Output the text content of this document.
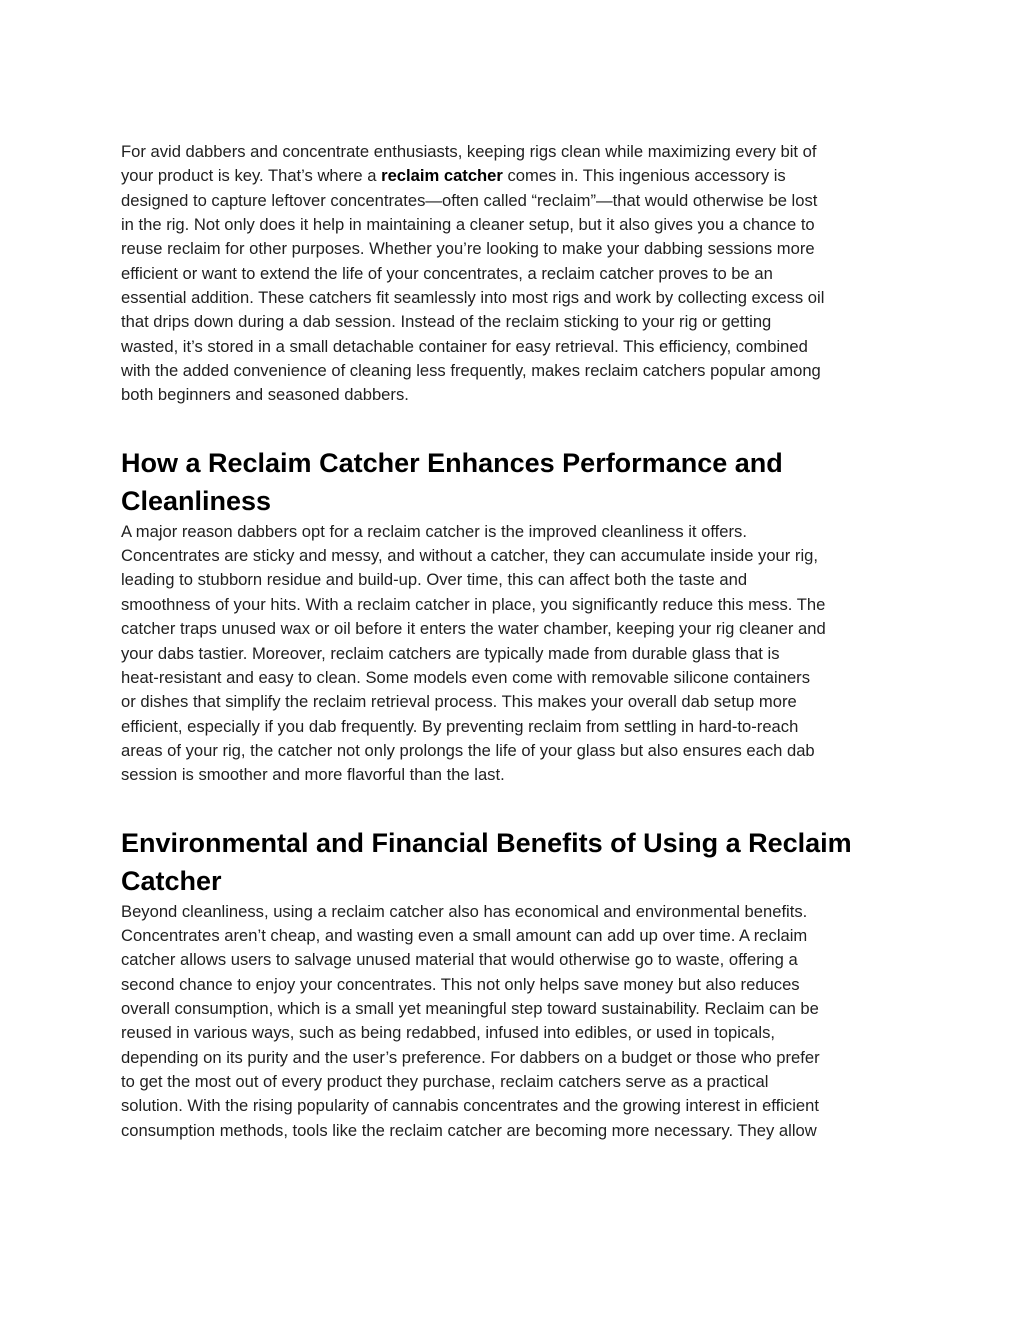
For avid dabbers and concentrate enthusiasts, keeping rigs clean while maximizing every bit of
your product is key. That’s where a reclaim catcher comes in. This ingenious accessory is
designed to capture leftover concentrates—often called “reclaim”—that would otherwise be lost
in the rig. Not only does it help in maintaining a cleaner setup, but it also gives you a chance to
reuse reclaim for other purposes. Whether you’re looking to make your dabbing sessions more
efficient or want to extend the life of your concentrates, a reclaim catcher proves to be an
essential addition. These catchers fit seamlessly into most rigs and work by collecting excess oil
that drips down during a dab session. Instead of the reclaim sticking to your rig or getting
wasted, it’s stored in a small detachable container for easy retrieval. This efficiency, combined
with the added convenience of cleaning less frequently, makes reclaim catchers popular among
both beginners and seasoned dabbers.

How a Reclaim Catcher Enhances Performance and
Cleanliness

A major reason dabbers opt for a reclaim catcher is the improved cleanliness it offers.
Concentrates are sticky and messy, and without a catcher, they can accumulate inside your rig,
leading to stubborn residue and build-up. Over time, this can affect both the taste and
smoothness of your hits. With a reclaim catcher in place, you significantly reduce this mess. The
catcher traps unused wax or oil before it enters the water chamber, keeping your rig cleaner and
your dabs tastier. Moreover, reclaim catchers are typically made from durable glass that is
heat-resistant and easy to clean. Some models even come with removable silicone containers
or dishes that simplify the reclaim retrieval process. This makes your overall dab setup more
efficient, especially if you dab frequently. By preventing reclaim from settling in hard-to-reach
areas of your rig, the catcher not only prolongs the life of your glass but also ensures each dab
session is smoother and more flavorful than the last.

Environmental and Financial Benefits of Using a Reclaim
Catcher

Beyond cleanliness, using a reclaim catcher also has economical and environmental benefits.
Concentrates aren’t cheap, and wasting even a small amount can add up over time. A reclaim
catcher allows users to salvage unused material that would otherwise go to waste, offering a
second chance to enjoy your concentrates. This not only helps save money but also reduces
overall consumption, which is a small yet meaningful step toward sustainability. Reclaim can be
reused in various ways, such as being redabbed, infused into edibles, or used in topicals,
depending on its purity and the user’s preference. For dabbers on a budget or those who prefer
to get the most out of every product they purchase, reclaim catchers serve as a practical
solution. With the rising popularity of cannabis concentrates and the growing interest in efficient
consumption methods, tools like the reclaim catcher are becoming more necessary. They allow
